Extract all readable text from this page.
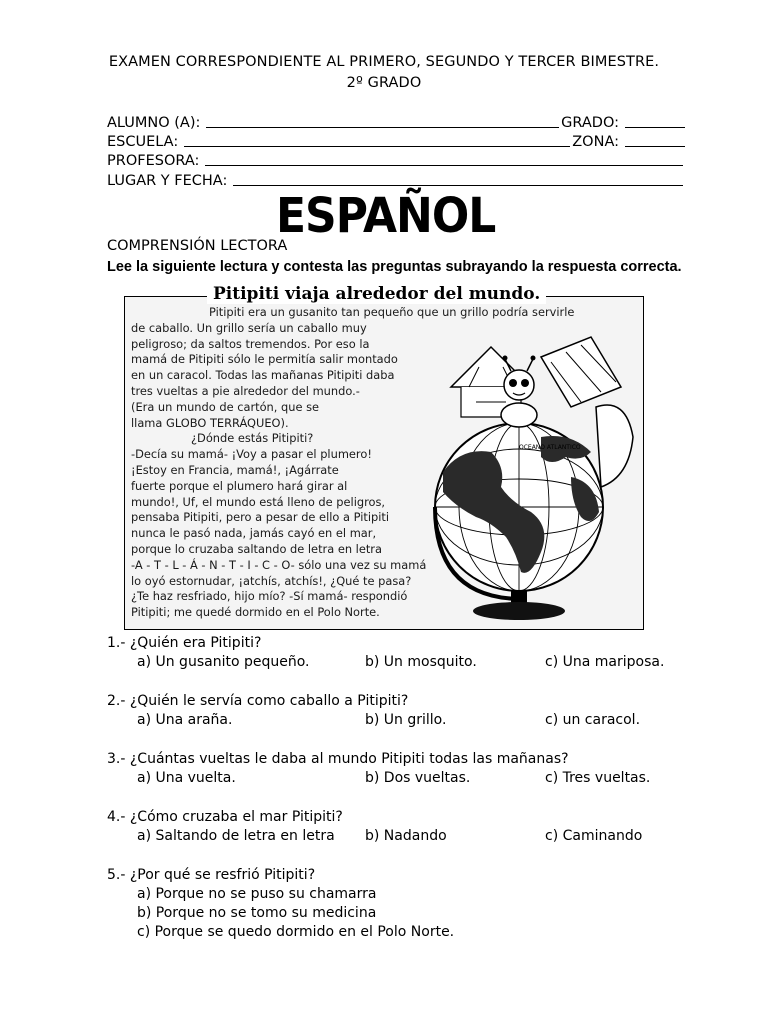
EXAMEN CORRESPONDIENTE AL PRIMERO, SEGUNDO Y TERCER BIMESTRE.
2º GRADO
ALUMNO (A):	GRADO:
ESCUELA:	ZONA:
PROFESORA:
LUGAR Y FECHA:
ESPAÑOL
COMPRENSIÓN LECTORA
Lee la siguiente lectura y contesta las preguntas subrayando la respuesta correcta.

Pitipiti era un gusanito tan pequeño que un grillo podría servirle

de caballo. Un grillo sería un caballo muy

peligroso; da saltos tremendos. Por eso la

mamá de Pitipiti sólo le permitía salir montado

en un caracol. Todas las mañanas Pitipiti daba

tres vueltas a pie alrededor del mundo.-

(Era un mundo de cartón, que se

llama GLOBO TERRÁQUEO).

¿Dónde estás Pitipiti?

-Decía su mamá- ¡Voy a pasar el plumero!

¡Estoy en Francia, mamá!, ¡Agárrate

fuerte porque el plumero hará girar al

mundo!, Uf, el mundo está lleno de peligros,

pensaba Pitipiti, pero a pesar de ello a Pitipiti

nunca le pasó nada, jamás cayó en el mar,

porque lo cruzaba saltando de letra en letra

-A - T - L - Á - N - T - I - C - O- sólo una vez su mamá

lo oyó estornudar, ¡atchís, atchís!, ¿Qué te pasa?

¿Te haz resfriado, hijo mío? -Sí mamá- respondió

Pitipiti; me quedé dormido en el Polo Norte.

OCEANO ATLANTICO
Pitipiti viaja alrededor del mundo.

1.- ¿Quién era Pitipiti?

a) Un gusanito pequeño.	b) Un mosquito.	c) Una mariposa.

2.- ¿Quién le servía como caballo a Pitipiti?

a) Una araña.	b) Un grillo.	c) un caracol.

3.- ¿Cuántas vueltas le daba al mundo Pitipiti todas las mañanas?

a) Una vuelta.	b) Dos vueltas.	c) Tres vueltas.

4.- ¿Cómo cruzaba el mar Pitipiti?

a) Saltando de letra en letra b) Nadando	c) Caminando

5.- ¿Por qué se resfrió Pitipiti?

a) Porque no se puso su chamarra
b) Porque no se tomo su medicina
c) Porque se quedo dormido en el Polo Norte.
